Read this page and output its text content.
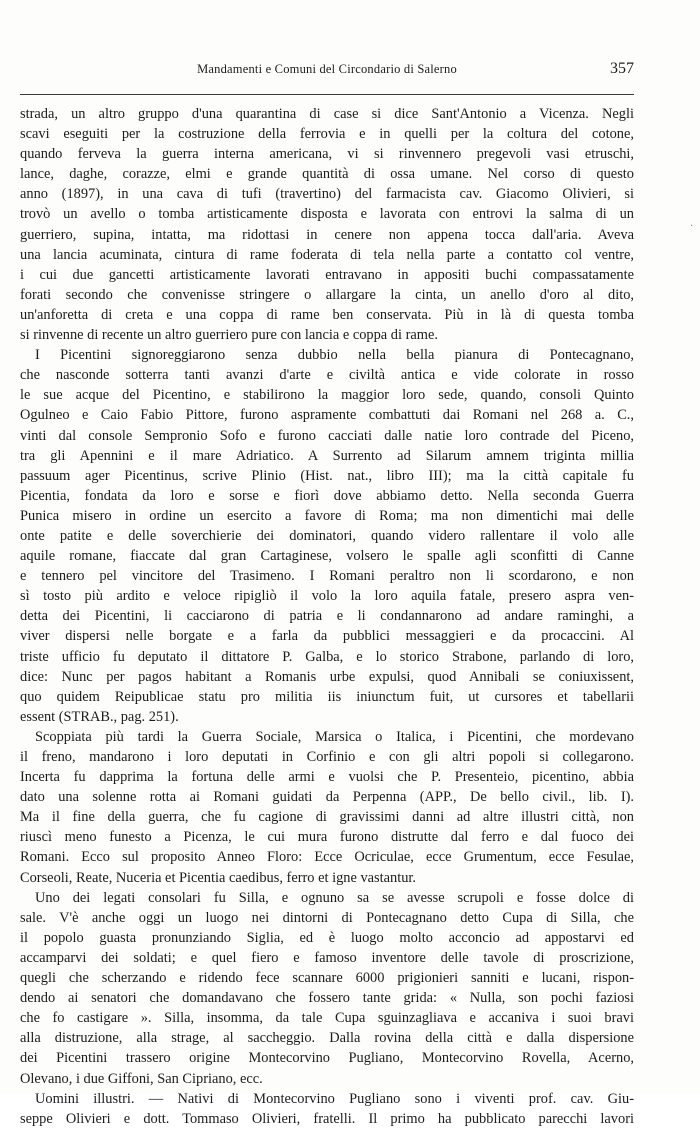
Mandamenti e Comuni del Circondario di Salerno	357
·
strada, un altro gruppo d'una quarantina di case si dice Sant'Antonio a Vicenza. Negli
scavi eseguiti per la costruzione della ferrovia e in quelli per la coltura del cotone,
quando ferveva la guerra interna americana, vi si rinvennero pregevoli vasi etruschi,
lance, daghe, corazze, elmi e grande quantità di ossa umane. Nel corso di questo
anno (1897), in una cava di tufi (travertino) del farmacista cav. Giacomo Olivieri, si
trovò un avello o tomba artisticamente disposta e lavorata con entrovi la salma di un
guerriero, supina, intatta, ma ridottasi in cenere non appena tocca dall'aria. Aveva
una lancia acuminata, cintura di rame foderata di tela nella parte a contatto col ventre,
i cui due gancetti artisticamente lavorati entravano in appositi buchi compassatamente
forati secondo che convenisse stringere o allargare la cinta, un anello d'oro al dito,
un'anforetta di creta e una coppa di rame ben conservata. Più in là di questa tomba
si rinvenne di recente un altro guerriero pure con lancia e coppa di rame.
I Picentini signoreggiarono senza dubbio nella bella pianura di Pontecagnano,
che nasconde sotterra tanti avanzi d'arte e civiltà antica e vide colorate in rosso
le sue acque del Picentino, e stabilirono la maggior loro sede, quando, consoli Quinto
Ogulneo e Caio Fabio Pittore, furono aspramente combattuti dai Romani nel 268 a. C.,
vinti dal console Sempronio Sofo e furono cacciati dalle natie loro contrade del Piceno,
tra gli Apennini e il mare Adriatico. A Surrento ad Silarum amnem triginta millia
passuum ager Picentinus, scrive Plinio (Hist. nat., libro III); ma la città capitale fu
Picentia, fondata da loro e sorse e fiorì dove abbiamo detto. Nella seconda Guerra
Punica misero in ordine un esercito a favore di Roma; ma non dimentichi mai delle
onte patite e delle soverchierie dei dominatori, quando videro rallentare il volo alle
aquile romane, fiaccate dal gran Cartaginese, volsero le spalle agli sconfitti di Canne
e tennero pel vincitore del Trasimeno. I Romani peraltro non li scordarono, e non
sì tosto più ardito e veloce ripigliò il volo la loro aquila fatale, presero aspra ven-
detta dei Picentini, li cacciarono di patria e li condannarono ad andare raminghi, a
viver dispersi nelle borgate e a farla da pubblici messaggieri e da procaccini. Al
triste ufficio fu deputato il dittatore P. Galba, e lo storico Strabone, parlando di loro,
dice: Nunc per pagos habitant a Romanis urbe expulsi, quod Annibali se coniuxissent,
quo quidem Reipublicae statu pro militia iis iniunctum fuit, ut cursores et tabellarii
essent (STRAB., pag. 251).
Scoppiata più tardi la Guerra Sociale, Marsica o Italica, i Picentini, che mordevano
il freno, mandarono i loro deputati in Corfinio e con gli altri popoli si collegarono.
Incerta fu dapprima la fortuna delle armi e vuolsi che P. Presenteio, picentino, abbia
dato una solenne rotta ai Romani guidati da Perpenna (APP., De bello civil., lib. I).
Ma il fine della guerra, che fu cagione di gravissimi danni ad altre illustri città, non
riuscì meno funesto a Picenza, le cui mura furono distrutte dal ferro e dal fuoco dei
Romani. Ecco sul proposito Anneo Floro: Ecce Ocriculae, ecce Grumentum, ecce Fesulae,
Corseoli, Reate, Nuceria et Picentia caedibus, ferro et igne vastantur.
Uno dei legati consolari fu Silla, e ognuno sa se avesse scrupoli e fosse dolce di
sale. V'è anche oggi un luogo nei dintorni di Pontecagnano detto Cupa di Silla, che
il popolo guasta pronunziando Siglia, ed è luogo molto acconcio ad appostarvi ed
accamparvi dei soldati; e quel fiero e famoso inventore delle tavole di proscrizione,
quegli che scherzando e ridendo fece scannare 6000 prigionieri sanniti e lucani, rispon-
dendo ai senatori che domandavano che fossero tante grida: « Nulla, son pochi faziosi
che fo castigare ». Silla, insomma, da tale Cupa sguinzagliava e accaniva i suoi bravi
alla distruzione, alla strage, al saccheggio. Dalla rovina della città e dalla dispersione
dei Picentini trassero origine Montecorvino Pugliano, Montecorvino Rovella, Acerno,
Olevano, i due Giffoni, San Cipriano, ecc.
Uomini illustri. — Nativi di Montecorvino Pugliano sono i viventi prof. cav. Giu-
seppe Olivieri e dott. Tommaso Olivieri, fratelli. Il primo ha pubblicato parecchi lavori
